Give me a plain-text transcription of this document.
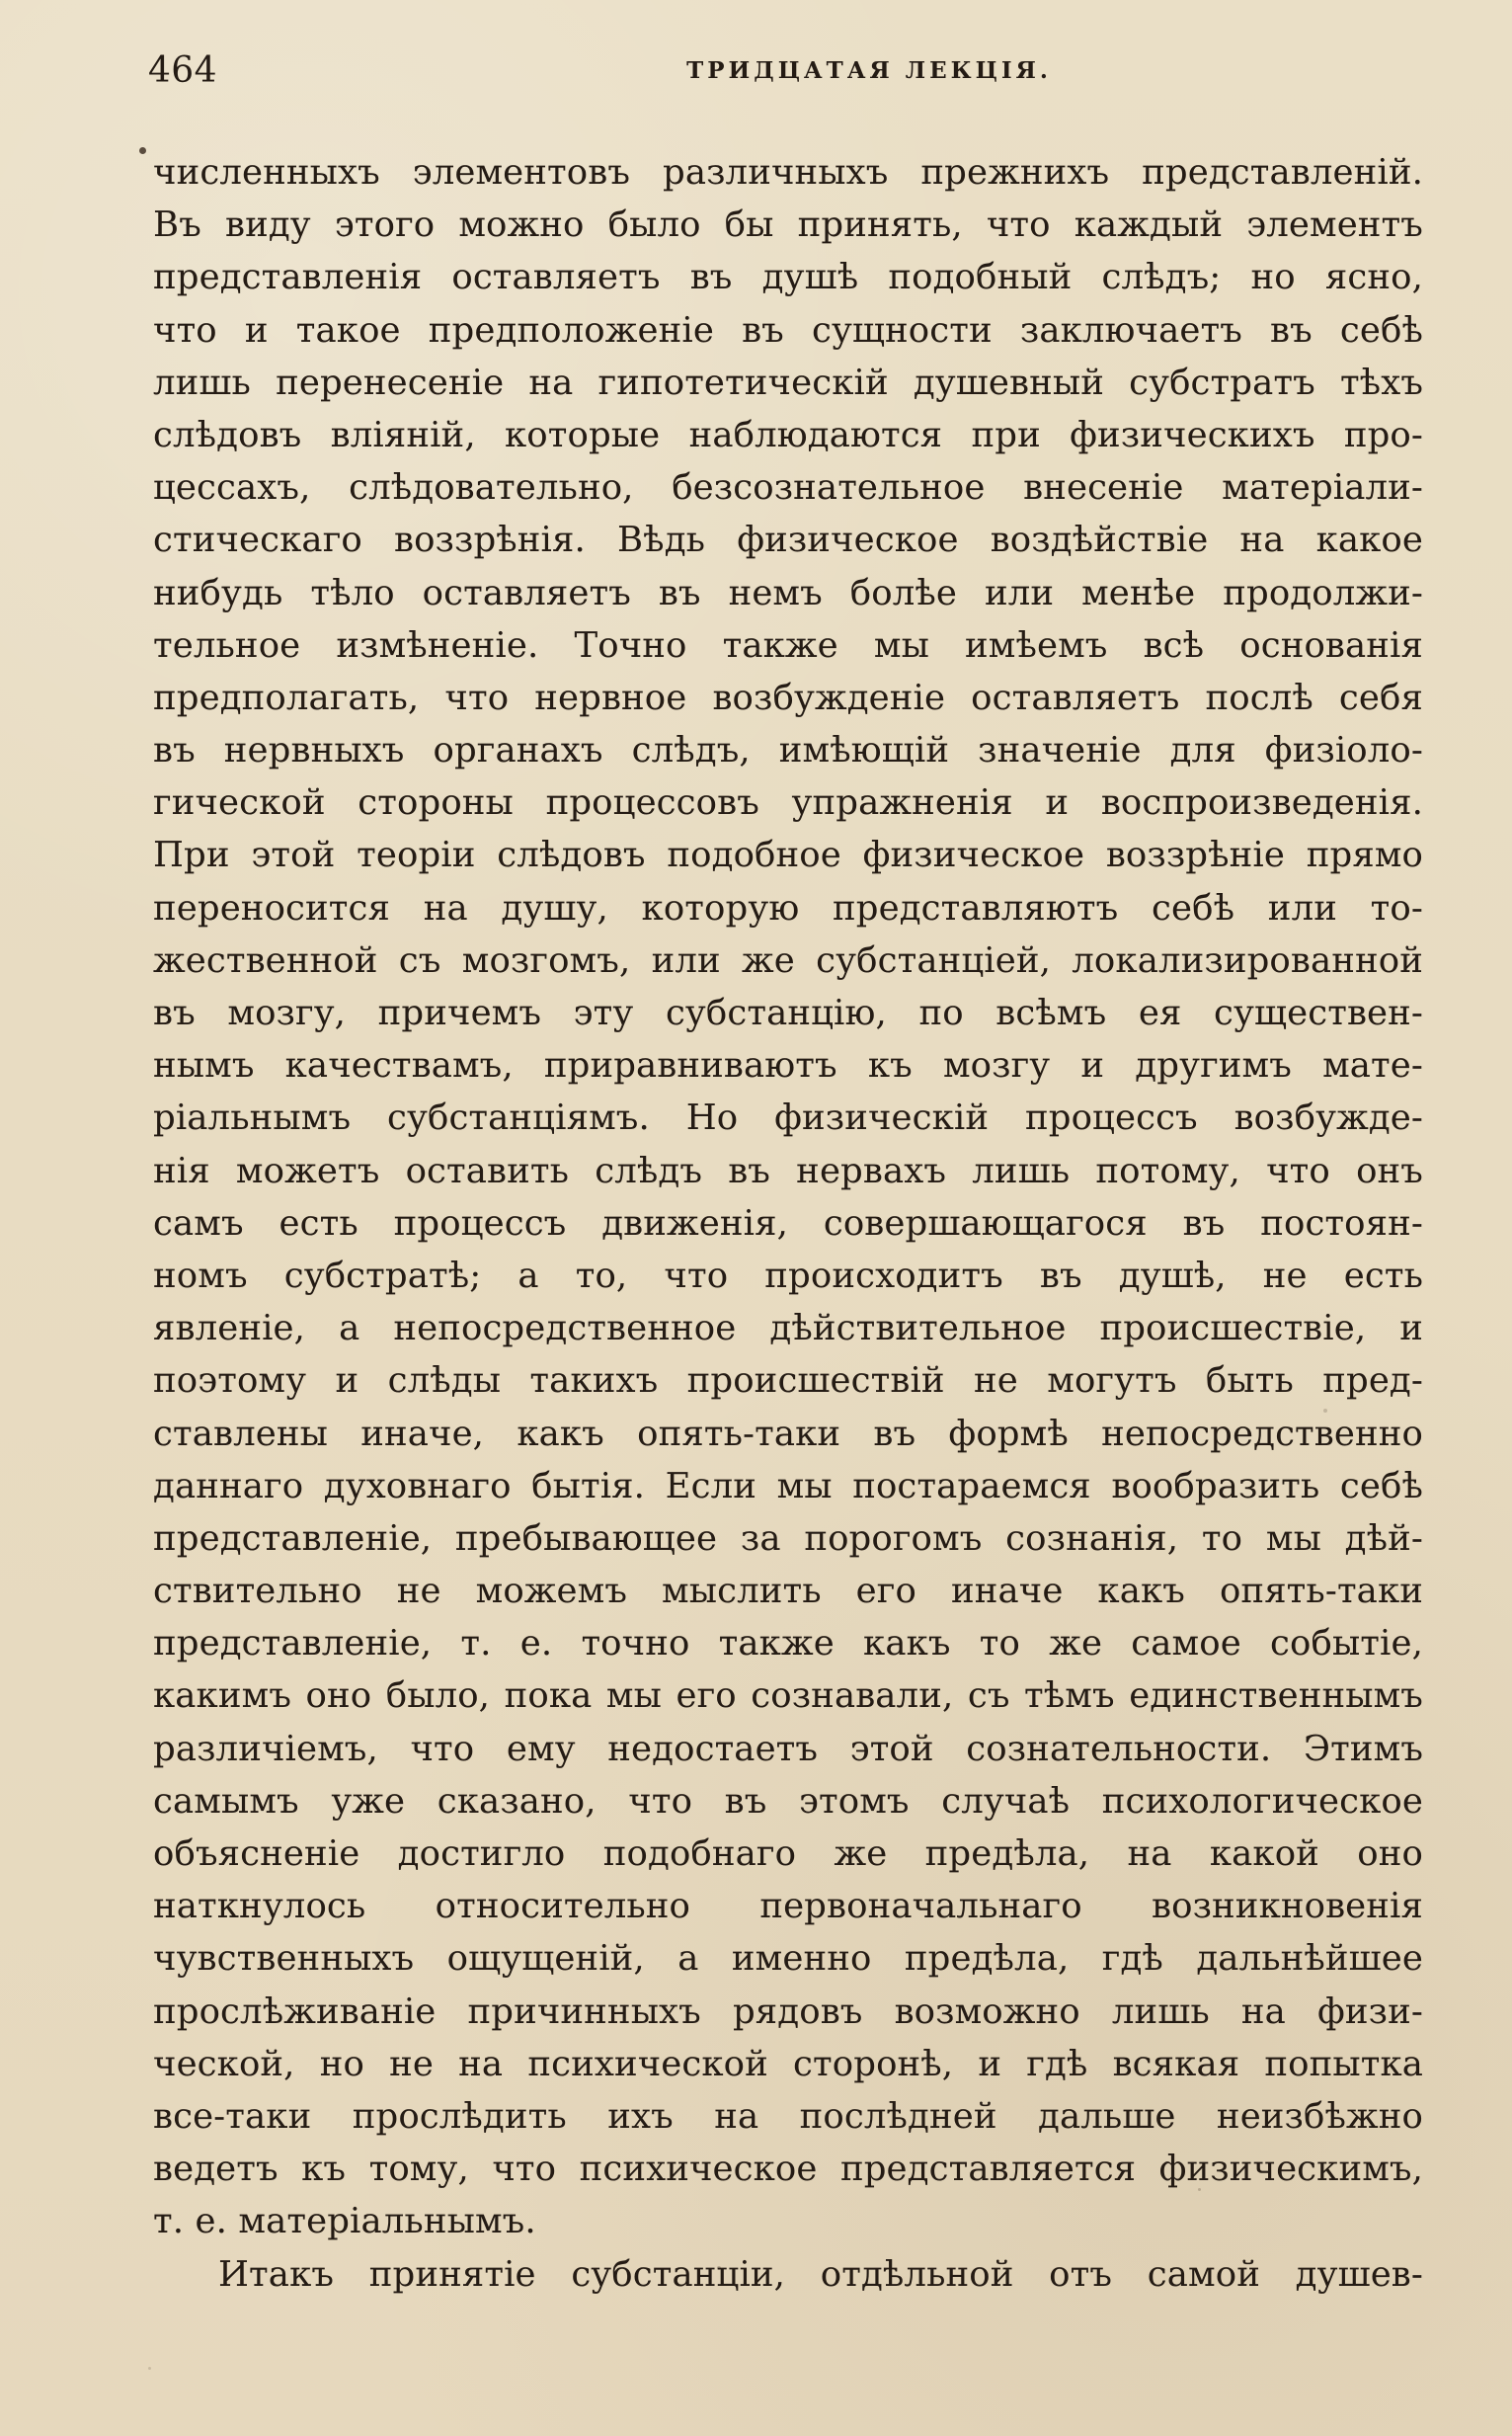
464	ТРИДЦАТАЯ ЛЕКЦІЯ.
численныхъ элементовъ различныхъ прежнихъ представленій.
Въ виду этого можно было бы принять, что каждый элементъ
представленія оставляетъ въ душѣ подобный слѣдъ; но ясно,
что и такое предположеніе въ сущности заключаетъ въ себѣ
лишь перенесеніе на гипотетическій душевный субстратъ тѣхъ
слѣдовъ вліяній, которые наблюдаются при физическихъ про-
цессахъ, слѣдовательно, безсознательное внесеніе матеріали-
стическаго воззрѣнія. Вѣдь физическое воздѣйствіе на какое
нибудь тѣло оставляетъ въ немъ болѣе или менѣе продолжи-
тельное измѣненіе. Точно также мы имѣемъ всѣ основанія
предполагать, что нервное возбужденіе оставляетъ послѣ себя
въ нервныхъ органахъ слѣдъ, имѣющій значеніе для физіоло-
гической стороны процессовъ упражненія и воспроизведенія.
При этой теоріи слѣдовъ подобное физическое воззрѣніе прямо
переносится на душу, которую представляютъ себѣ или то-
жественной съ мозгомъ, или же субстанціей, локализированной
въ мозгу, причемъ эту субстанцію, по всѣмъ ея существен-
нымъ качествамъ, приравниваютъ къ мозгу и другимъ мате-
ріальнымъ субстанціямъ. Но физическій процессъ возбужде-
нія можетъ оставить слѣдъ въ нервахъ лишь потому, что онъ
самъ есть процессъ движенія, совершающагося въ постоян-
номъ субстратѣ; а то, что происходитъ въ душѣ, не есть
явленіе, а непосредственное дѣйствительное происшествіе, и
поэтому и слѣды такихъ происшествій не могутъ быть пред-
ставлены иначе, какъ опять-таки въ формѣ непосредственно
даннаго духовнаго бытія. Если мы постараемся вообразить себѣ
представленіе, пребывающее за порогомъ сознанія, то мы дѣй-
ствительно не можемъ мыслить его иначе какъ опять-таки
представленіе, т. е. точно также какъ то же самое событіе,
какимъ оно было, пока мы его сознавали, съ тѣмъ единственнымъ
различіемъ, что ему недостаетъ этой сознательности. Этимъ
самымъ уже сказано, что въ этомъ случаѣ психологическое
объясненіе достигло подобнаго же предѣла, на какой оно
наткнулось относительно первоначальнаго возникновенія
чувственныхъ ощущеній, а именно предѣла, гдѣ дальнѣйшее
прослѣживаніе причинныхъ рядовъ возможно лишь на физи-
ческой, но не на психической сторонѣ, и гдѣ всякая попытка
все-таки прослѣдить ихъ на послѣдней дальше неизбѣжно
ведетъ къ тому, что психическое представляется физическимъ,
т. е. матеріальнымъ.
Итакъ принятіе субстанціи, отдѣльной отъ самой душев-
